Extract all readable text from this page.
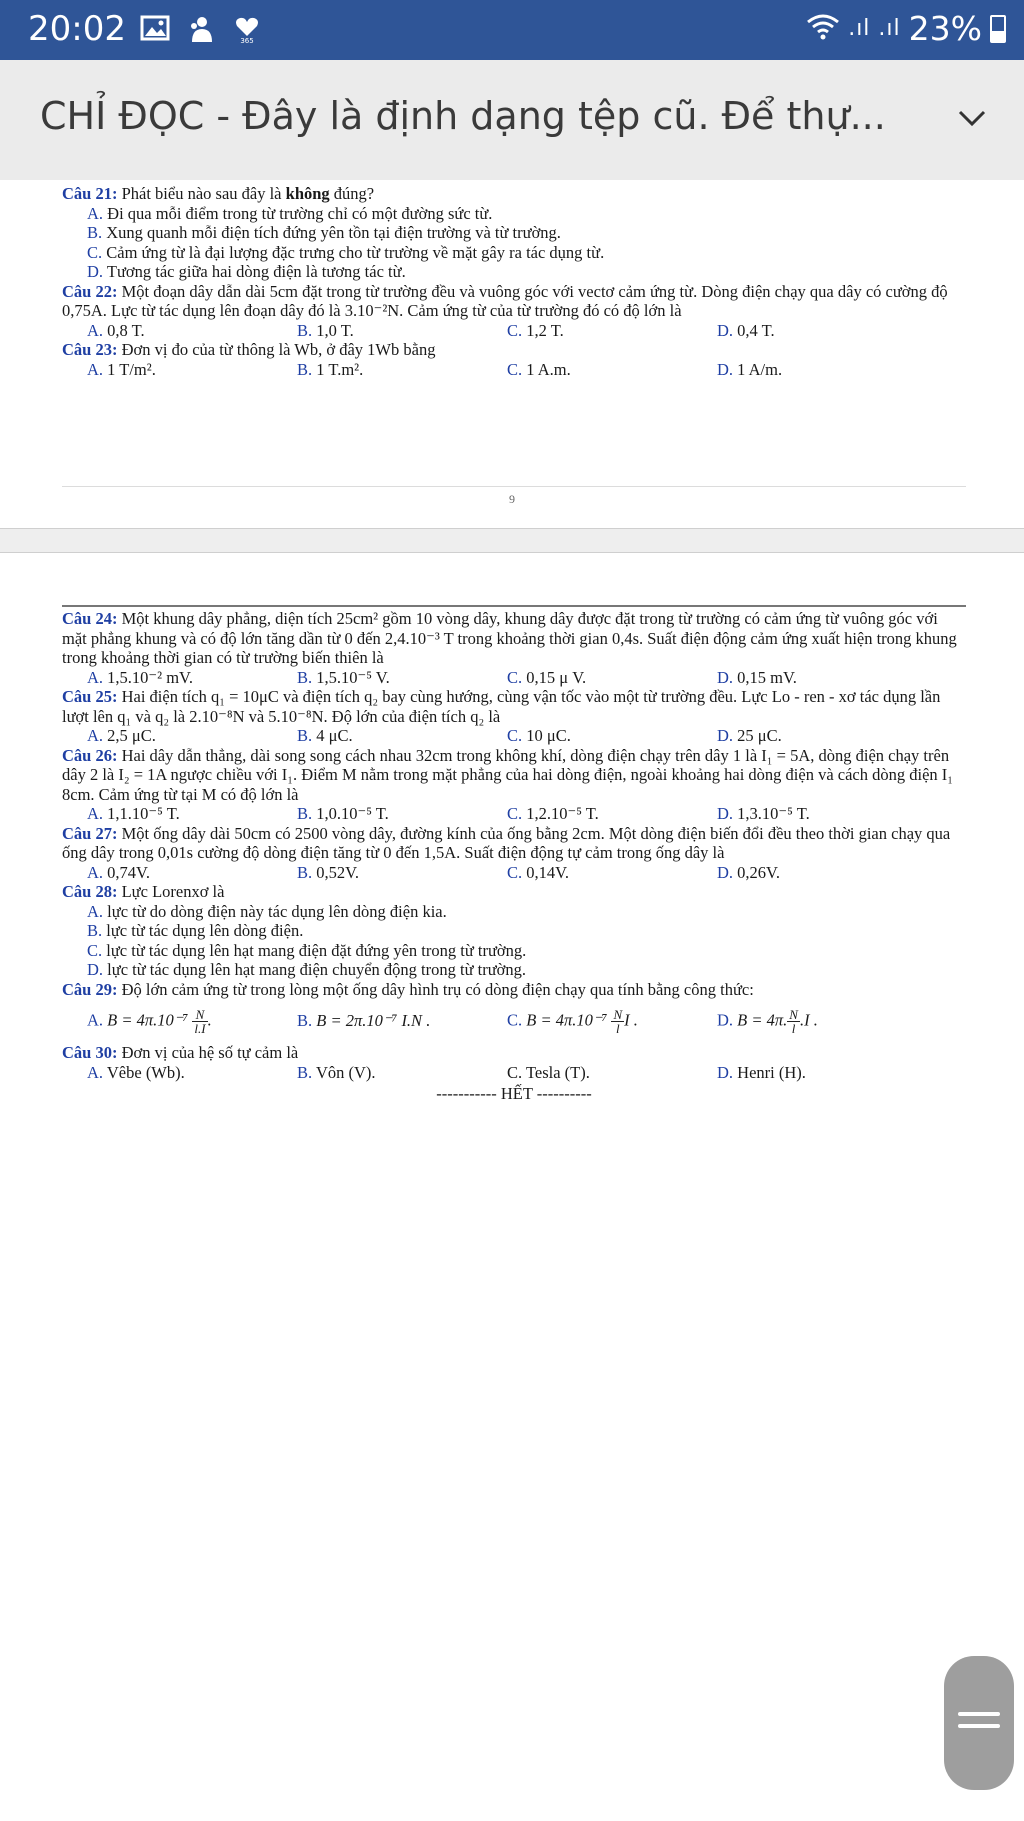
20:02	365	.ıl .ıl 23%
CHỈ ĐỌC - Đây là định dạng tệp cũ. Để thự...

Câu 21: Phát biểu nào sau đây là không đúng?

A. Đi qua mỗi điểm trong từ trường chỉ có một đường sức từ.

B. Xung quanh mỗi điện tích đứng yên tồn tại điện trường và từ trường.

C. Cảm ứng từ là đại lượng đặc trưng cho từ trường về mặt gây ra tác dụng từ.

D. Tương tác giữa hai dòng điện là tương tác từ.

Câu 22: Một đoạn dây dẫn dài 5cm đặt trong từ trường đều và vuông góc với vectơ cảm ứng từ. Dòng điện chạy qua dây có cường độ 0,75A. Lực từ tác dụng lên đoạn dây đó là 3.10⁻²N. Cảm ứng từ của từ trường đó có độ lớn là

A. 0,8 T.	B. 1,0 T.	C. 1,2 T.	D. 0,4 T.

Câu 23: Đơn vị đo của từ thông là Wb, ở đây 1Wb bằng

A. 1 T/m².	B. 1 T.m².	C. 1 A.m.	D. 1 A/m.
9

Câu 24: Một khung dây phẳng, diện tích 25cm² gồm 10 vòng dây, khung dây được đặt trong từ trường có cảm ứng từ vuông góc với mặt phẳng khung và có độ lớn tăng dần từ 0 đến 2,4.10⁻³ T trong khoảng thời gian 0,4s. Suất điện động cảm ứng xuất hiện trong khung trong khoảng thời gian có từ trường biến thiên là

A. 1,5.10⁻² mV.	B. 1,5.10⁻⁵ V.	C. 0,15 μ V.	D. 0,15 mV.

Câu 25: Hai điện tích q₁ = 10μC và điện tích q₂ bay cùng hướng, cùng vận tốc vào một từ trường đều. Lực Lo - ren - xơ tác dụng lần lượt lên q₁ và q₂ là 2.10⁻⁸N và 5.10⁻⁸N. Độ lớn của điện tích q₂ là

A. 2,5 μC.	B. 4 μC.	C. 10 μC.	D. 25 μC.

Câu 26: Hai dây dẫn thẳng, dài song song cách nhau 32cm trong không khí, dòng điện chạy trên dây 1 là I₁ = 5A, dòng điện chạy trên dây 2 là I₂ = 1A ngược chiều với I₁. Điểm M nằm trong mặt phẳng của hai dòng điện, ngoài khoảng hai dòng điện và cách dòng điện I₁ 8cm. Cảm ứng từ tại M có độ lớn là

A. 1,1.10⁻⁵ T.	B. 1,0.10⁻⁵ T.	C. 1,2.10⁻⁵ T.	D. 1,3.10⁻⁵ T.

Câu 27: Một ống dây dài 50cm có 2500 vòng dây, đường kính của ống bằng 2cm. Một dòng điện biến đổi đều theo thời gian chạy qua ống dây trong 0,01s cường độ dòng điện tăng từ 0 đến 1,5A. Suất điện động tự cảm trong ống dây là

A. 0,74V.	B. 0,52V.	C. 0,14V.	D. 0,26V.

Câu 28: Lực Lorenxơ là

A. lực từ do dòng điện này tác dụng lên dòng điện kia.

B. lực từ tác dụng lên dòng điện.

C. lực từ tác dụng lên hạt mang điện đặt đứng yên trong từ trường.

D. lực từ tác dụng lên hạt mang điện chuyển động trong từ trường.

Câu 29: Độ lớn cảm ứng từ trong lòng một ống dây hình trụ có dòng điện chạy qua tính bằng công thức:

A. $B = 4\pi.10^{-7} \frac{N}{l.I}$ .	B. B = 2π.10⁻⁷ I.N .	C. $B = 4\pi.10^{-7} \frac{N}{l}$ I .	D. B = 4π. $\frac{N}{l} .I$ .

Câu 30: Đơn vị của hệ số tự cảm là

A. Vêbe (Wb).	B. Vôn (V).	C. Tesla (T).	D. Henri (H).

----------- HẾT ----------
